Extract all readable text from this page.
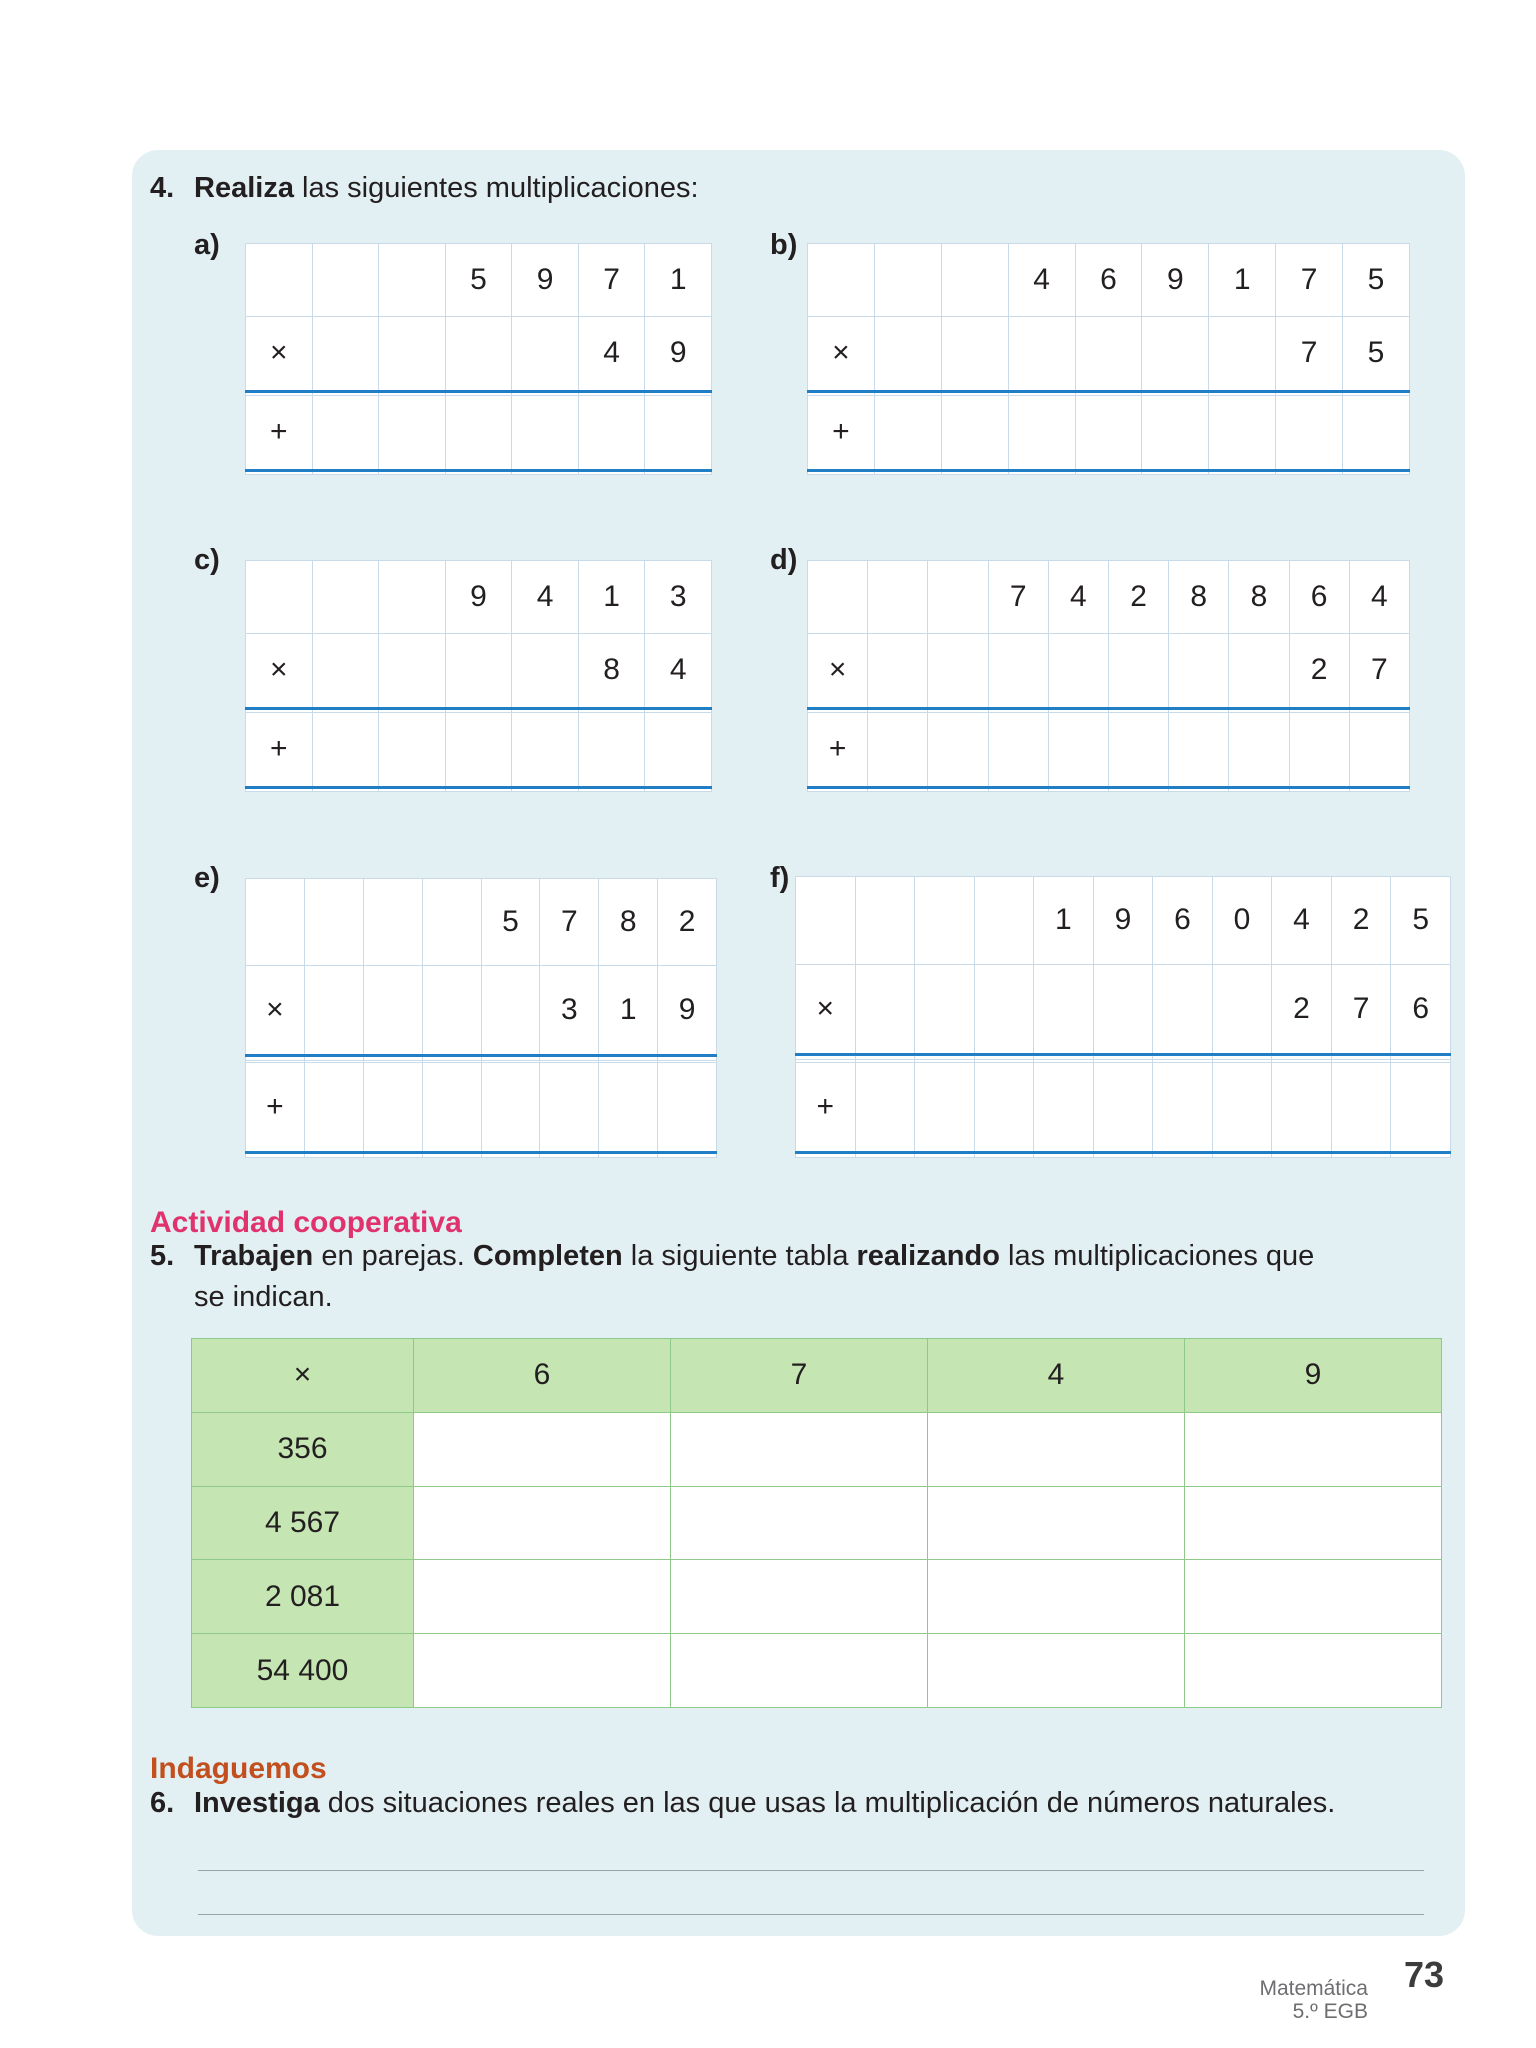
4. Realiza las siguientes multiplicaciones:
a)
			5	9	7	1
×					4	9

+						

b)
			4	6	9	1	7	5
×							7	5

+								

c)
			9	4	1	3
×					8	4

+						

d)
			7	4	2	8	8	6	4
×								2	7

+									

e)
				5	7	8	2
×					3	1	9

+							

f)
				1	9	6	0	4	2	5
×								2	7	6

+										

Actividad cooperativa
5. Trabajen en parejas. Completen la siguiente tabla realizando las multiplicaciones que
se indican.
×	6	7	4	9
356				
4 567				
2 081				
54 400				
Indaguemos
6. Investiga dos situaciones reales en las que usas la multiplicación de números naturales.
Matemática
5.º EGB
73
